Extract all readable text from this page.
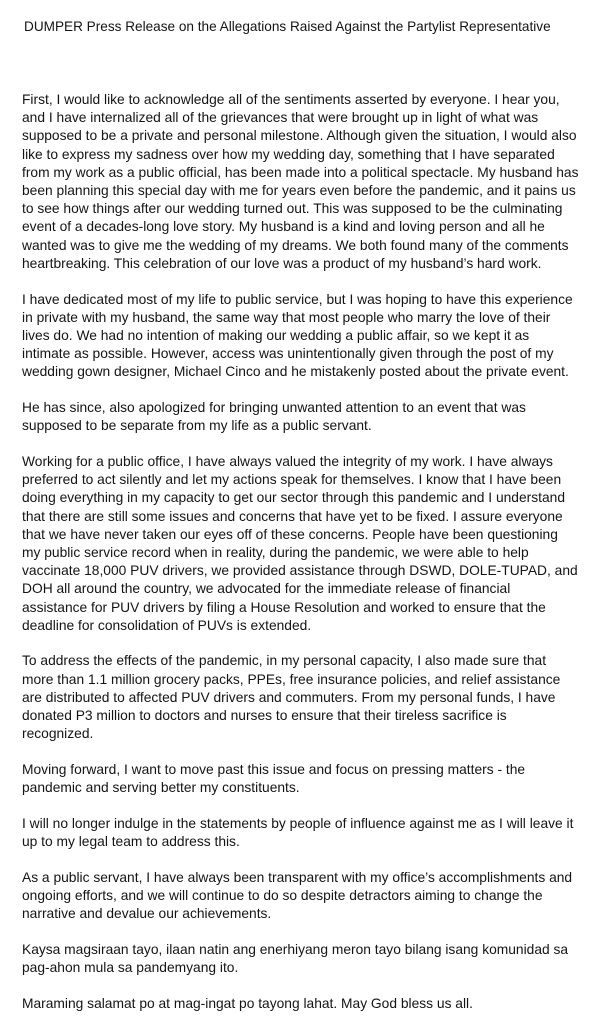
DUMPER Press Release on the Allegations Raised Against the Partylist Representative

First, I would like to acknowledge all of the sentiments asserted by everyone. I hear you, and I have internalized all of the grievances that were brought up in light of what was supposed to be a private and personal milestone. Although given the situation, I would also like to express my sadness over how my wedding day, something that I have separated from my work as a public official, has been made into a political spectacle. My husband has been planning this special day with me for years even before the pandemic, and it pains us to see how things after our wedding turned out. This was supposed to be the culminating event of a decades-long love story. My husband is a kind and loving person and all he wanted was to give me the wedding of my dreams. We both found many of the comments heartbreaking. This celebration of our love was a product of my husband’s hard work.

I have dedicated most of my life to public service, but I was hoping to have this experience in private with my husband, the same way that most people who marry the love of their lives do. We had no intention of making our wedding a public affair, so we kept it as intimate as possible. However, access was unintentionally given through the post of my wedding gown designer, Michael Cinco and he mistakenly posted about the private event.

He has since, also apologized for bringing unwanted attention to an event that was supposed to be separate from my life as a public servant.

Working for a public office, I have always valued the integrity of my work. I have always preferred to act silently and let my actions speak for themselves. I know that I have been doing everything in my capacity to get our sector through this pandemic and I understand that there are still some issues and concerns that have yet to be fixed. I assure everyone that we have never taken our eyes off of these concerns. People have been questioning my public service record when in reality, during the pandemic, we were able to help vaccinate 18,000 PUV drivers, we provided assistance through DSWD, DOLE-TUPAD, and DOH all around the country, we advocated for the immediate release of financial assistance for PUV drivers by filing a House Resolution and worked to ensure that the deadline for consolidation of PUVs is extended.

To address the effects of the pandemic, in my personal capacity, I also made sure that more than 1.1 million grocery packs, PPEs, free insurance policies, and relief assistance are distributed to affected PUV drivers and commuters. From my personal funds, I have donated P3 million to doctors and nurses to ensure that their tireless sacrifice is recognized.

Moving forward, I want to move past this issue and focus on pressing matters - the pandemic and serving better my constituents.

I will no longer indulge in the statements by people of influence against me as I will leave it up to my legal team to address this.

As a public servant, I have always been transparent with my office’s accomplishments and ongoing efforts, and we will continue to do so despite detractors aiming to change the narrative and devalue our achievements.

Kaysa magsiraan tayo, ilaan natin ang enerhiyang meron tayo bilang isang komunidad sa pag-ahon mula sa pandemyang ito.

Maraming salamat po at mag-ingat po tayong lahat. May God bless us all.
